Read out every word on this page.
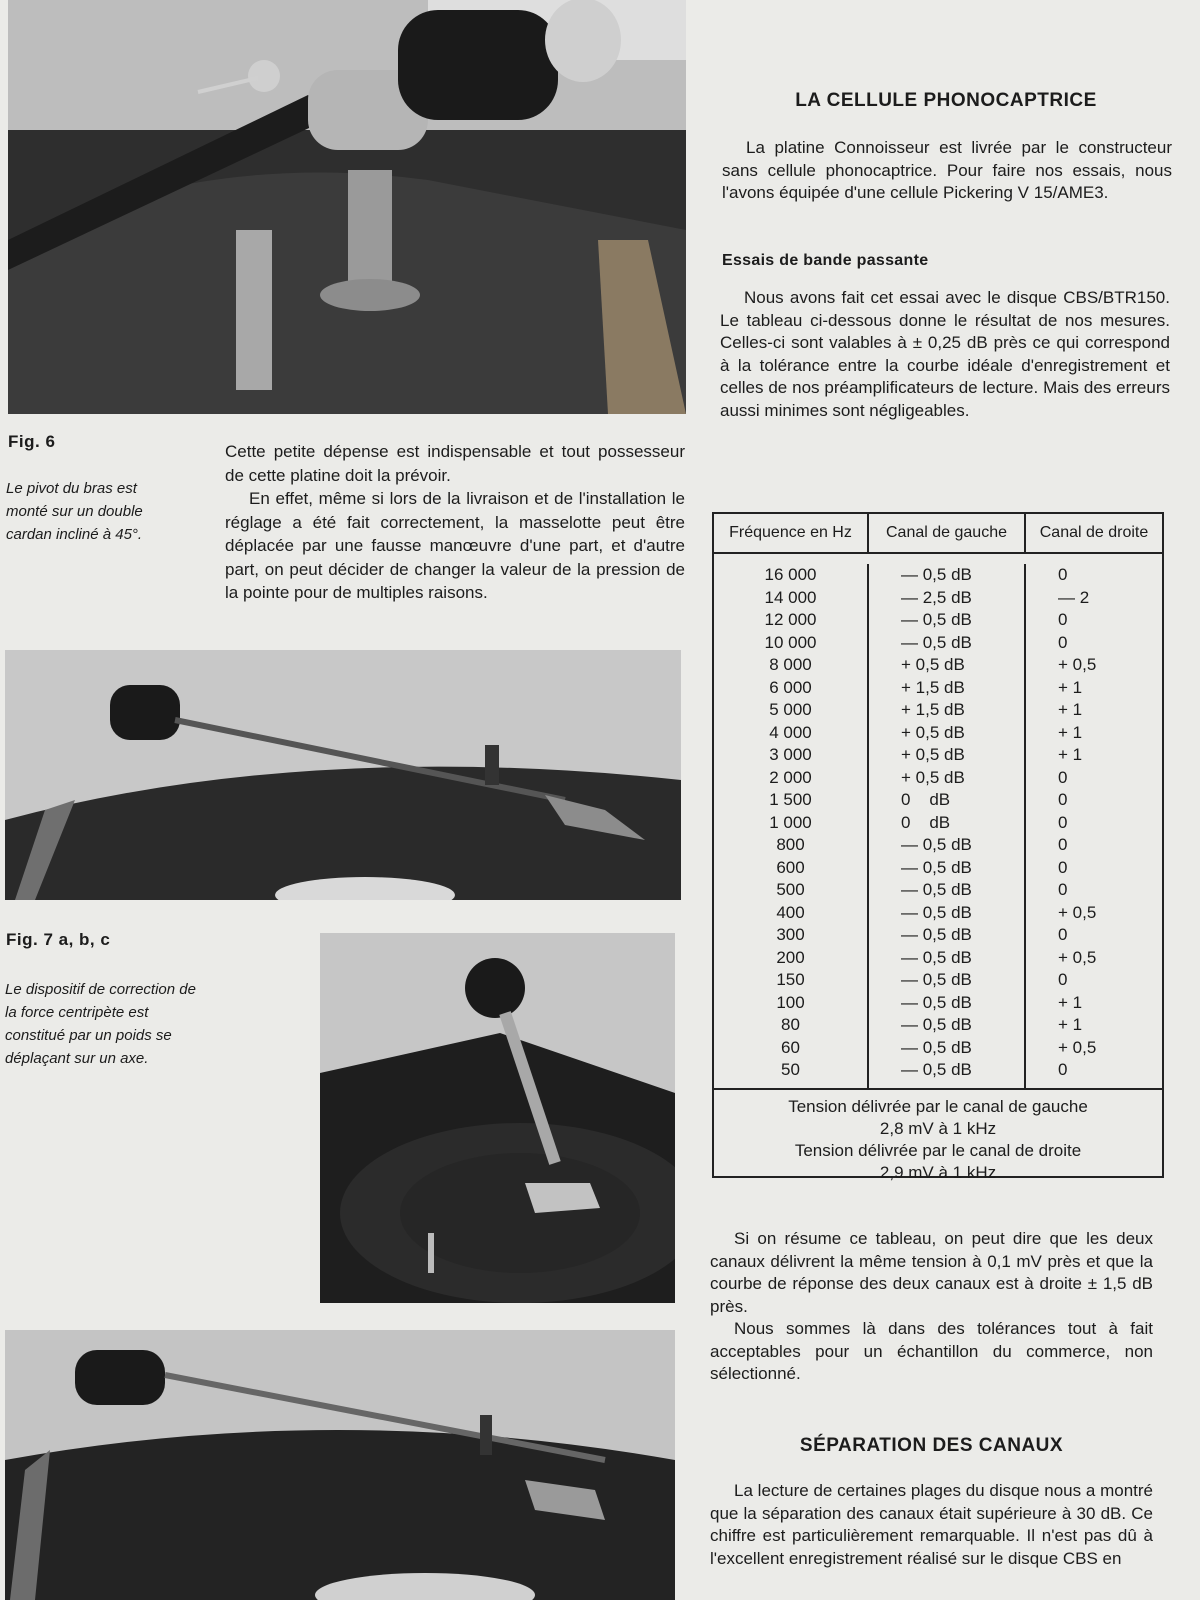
Fig. 6
Le pivot du bras est monté sur un double cardan incliné à 45°.

Cette petite dépense est indispensable et tout possesseur de cette platine doit la prévoir.

En effet, même si lors de la livraison et de l'installation le réglage a été fait correctement, la masselotte peut être déplacée par une fausse manœuvre d'une part, et d'autre part, on peut décider de changer la valeur de la pression de la pointe pour de multiples raisons.

Fig. 7 a, b, c
Le dispositif de correction de la force centripète est constitué par un poids se déplaçant sur un axe.
LA CELLULE PHONOCAPTRICE

La platine Connoisseur est livrée par le constructeur sans cellule phonocaptrice. Pour faire nos essais, nous l'avons équipée d'une cellule Pickering V 15/AME3.

Essais de bande passante

Nous avons fait cet essai avec le disque CBS/BTR150. Le tableau ci-dessous donne le résultat de nos mesures. Celles-ci sont valables à ± 0,25 dB près ce qui correspond à la tolérance entre la courbe idéale d'enregistrement et celles de nos préamplificateurs de lecture. Mais des erreurs aussi minimes sont négligeables.

Fréquence en Hz	Canal de gauche	Canal de droite
16 000
14 000
12 000
10 000
8 000
6 000
5 000
4 000
3 000
2 000
1 500
1 000
800
600
500
400
300
200
150
100
80
60
50
— 0,5 dB
— 2,5 dB
— 0,5 dB
— 0,5 dB
+ 0,5 dB
+ 1,5 dB
+ 1,5 dB
+ 0,5 dB
+ 0,5 dB
+ 0,5 dB
0    dB
0    dB
— 0,5 dB
— 0,5 dB
— 0,5 dB
— 0,5 dB
— 0,5 dB
— 0,5 dB
— 0,5 dB
— 0,5 dB
— 0,5 dB
— 0,5 dB
— 0,5 dB
0
— 2
0
0
+ 0,5
+ 1
+ 1
+ 1
+ 1
0
0
0
0
0
0
+ 0,5
0
+ 0,5
0
+ 1
+ 1
+ 0,5
0
Tension délivrée par le canal de gauche
2,8 mV à 1 kHz
Tension délivrée par le canal de droite
2,9 mV à 1 kHz

Si on résume ce tableau, on peut dire que les deux canaux délivrent la même tension à 0,1 mV près et que la courbe de réponse des deux canaux est à droite ± 1,5 dB près.

Nous sommes là dans des tolérances tout à fait acceptables pour un échantillon du commerce, non sélectionné.

SÉPARATION DES CANAUX

La lecture de certaines plages du disque nous a montré que la séparation des canaux était supérieure à 30 dB. Ce chiffre est particulièrement remarquable. Il n'est pas dû à l'excellent enregistrement réalisé sur le disque CBS en
